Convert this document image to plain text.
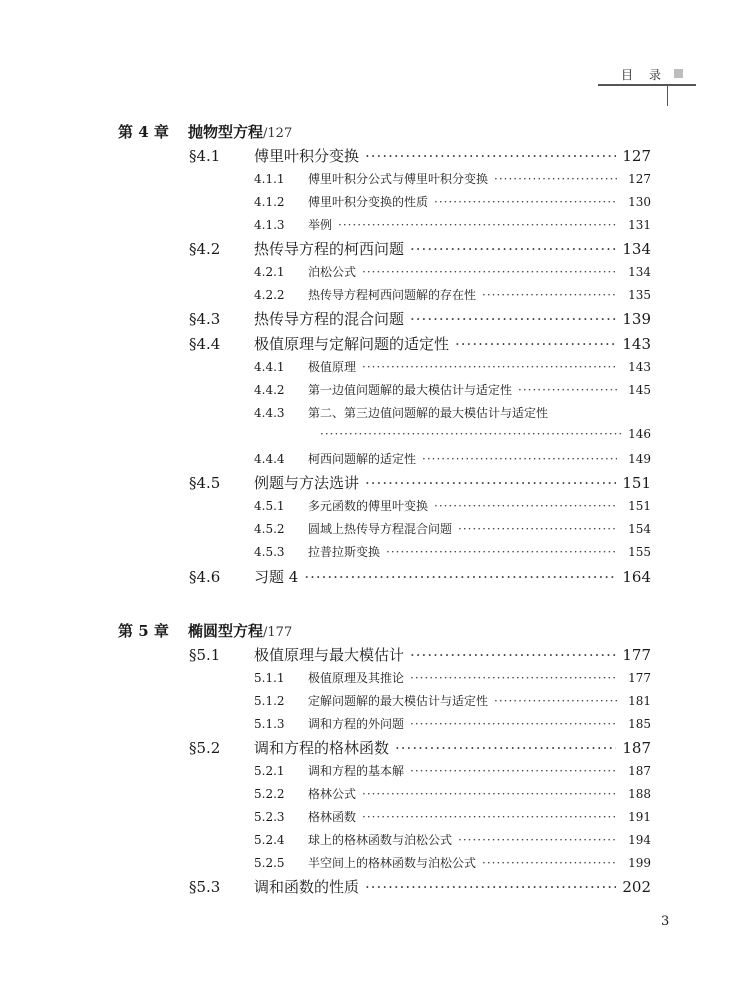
目 录
第 4 章 抛物型方程/127
§4.1	傅里叶积分变换 ·····	127
4.1.1	傅里叶积分公式与傅里叶积分变换 ·····	127
4.1.2	傅里叶积分变换的性质 ·····	130
4.1.3	举例 ·····	131
§4.2	热传导方程的柯西问题 ·····	134
4.2.1	泊松公式 ·····	134
4.2.2	热传导方程柯西问题解的存在性 ·····	135
§4.3	热传导方程的混合问题 ·····	139
§4.4	极值原理与定解问题的适定性 ·····	143
4.4.1	极值原理 ·····	143
4.4.2	第一边值问题解的最大模估计与适定性 ·····	145
4.4.3	第二、第三边值问题解的最大模估计与适定性
·····
146
4.4.4	柯西问题解的适定性 ·····	149
§4.5	例题与方法选讲 ·····	151
4.5.1	多元函数的傅里叶变换 ·····	151
4.5.2	圆域上热传导方程混合问题 ·····	154
4.5.3	拉普拉斯变换 ·····	155
§4.6	习题 4 ·····	164
第 5 章 椭圆型方程/177
§5.1	极值原理与最大模估计 ·····	177
5.1.1	极值原理及其推论 ·····	177
5.1.2	定解问题解的最大模估计与适定性 ·····	181
5.1.3	调和方程的外问题 ·····	185
§5.2	调和方程的格林函数 ·····	187
5.2.1	调和方程的基本解 ·····	187
5.2.2	格林公式 ·····	188
5.2.3	格林函数 ·····	191
5.2.4	球上的格林函数与泊松公式 ·····	194
5.2.5	半空间上的格林函数与泊松公式 ·····	199
§5.3	调和函数的性质 ·····	202
3
